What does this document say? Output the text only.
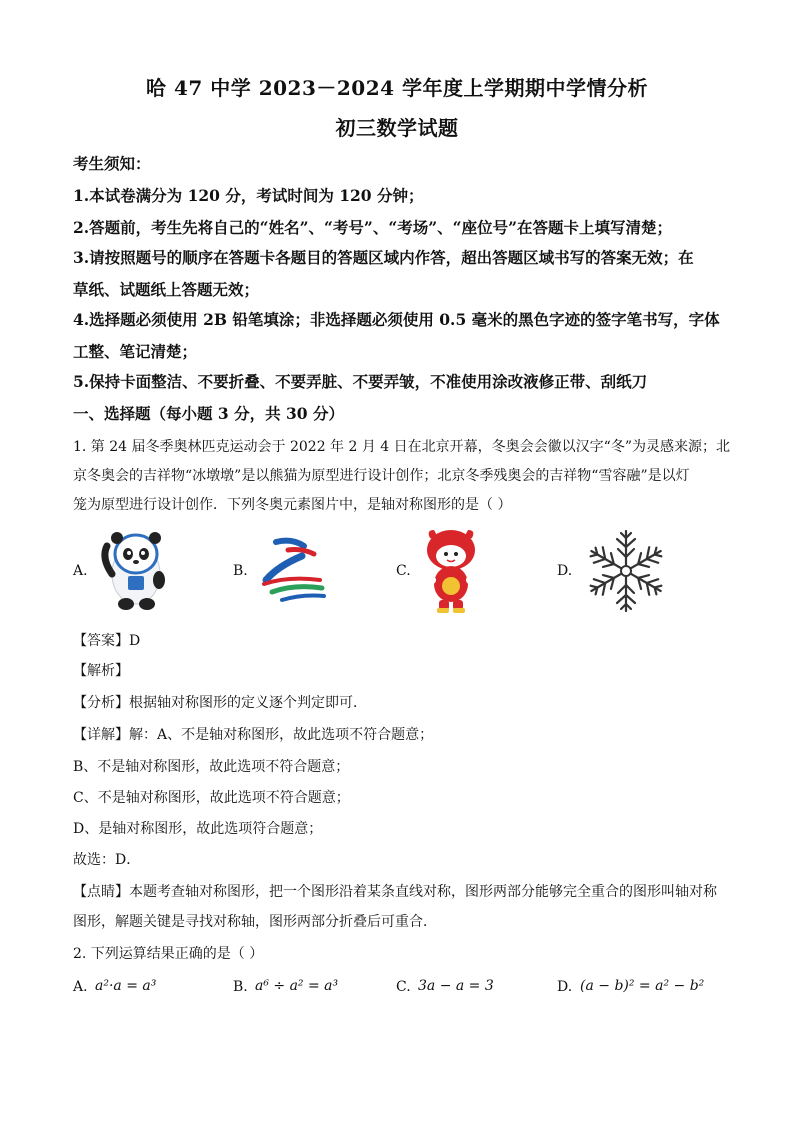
哈 47 中学 2023－2024 学年度上学期期中学情分析
初三数学试题
考生须知：
1.本试卷满分为 120 分，考试时间为 120 分钟；
2.答题前，考生先将自己的“姓名”、“考号”、“考场”、“座位号”在答题卡上填写清楚；
3.请按照题号的顺序在答题卡各题目的答题区域内作答，超出答题区域书写的答案无效；在
草纸、试题纸上答题无效；
4.选择题必须使用 2B 铅笔填涂；非选择题必须使用 0.5 毫米的黑色字迹的签字笔书写，字体
工整、笔记清楚；
5.保持卡面整洁、不要折叠、不要弄脏、不要弄皱，不准使用涂改液修正带、刮纸刀
一、选择题（每小题 3 分，共 30 分）
1. 第 24 届冬季奥林匹克运动会于 2022 年 2 月 4 日在北京开幕，冬奥会会徽以汉字“冬”为灵感来源；北
京冬奥会的吉祥物“冰墩墩”是以熊猫为原型进行设计创作；北京冬季残奥会的吉祥物“雪容融”是以灯
笼为原型进行设计创作．下列冬奥元素图片中，是轴对称图形的是（ ）
A.	B.	C.	D.
【答案】D
【解析】
【分析】根据轴对称图形的定义逐个判定即可．
【详解】解：A、不是轴对称图形，故此选项不符合题意；
B、不是轴对称图形，故此选项不符合题意；
C、不是轴对称图形，故此选项不符合题意；
D、是轴对称图形，故此选项符合题意；
故选：D．
【点睛】本题考查轴对称图形，把一个图形沿着某条直线对称，图形两部分能够完全重合的图形叫轴对称
图形，解题关键是寻找对称轴，图形两部分折叠后可重合．
2. 下列运算结果正确的是（ ）
A. a²·a = a³	B. a⁶ ÷ a² = a³	C. 3a − a = 3	D. (a − b)² = a² − b²
